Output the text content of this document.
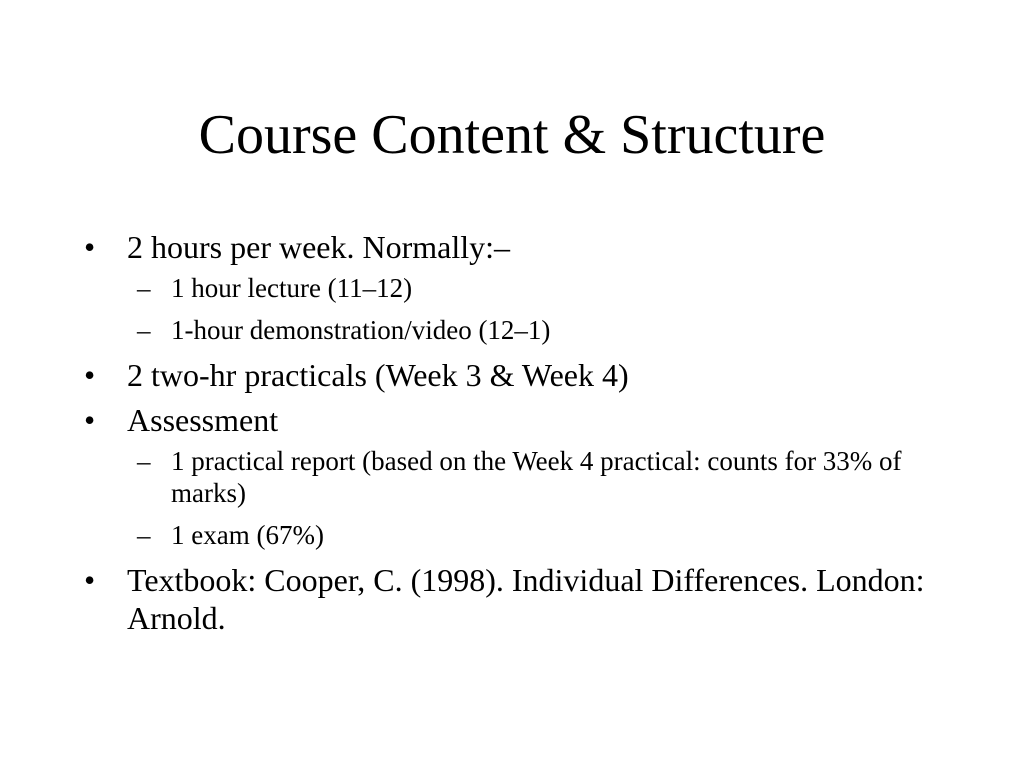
Course Content & Structure
• 2 hours per week. Normally:–
– 1 hour lecture (11–12)
– 1-hour demonstration/video (12–1)
• 2 two-hr practicals (Week 3 & Week 4)
• Assessment
– 1 practical report (based on the Week 4 practical: counts for 33% of marks)
– 1 exam (67%)
• Textbook: Cooper, C. (1998). Individual Differences. London: Arnold.
